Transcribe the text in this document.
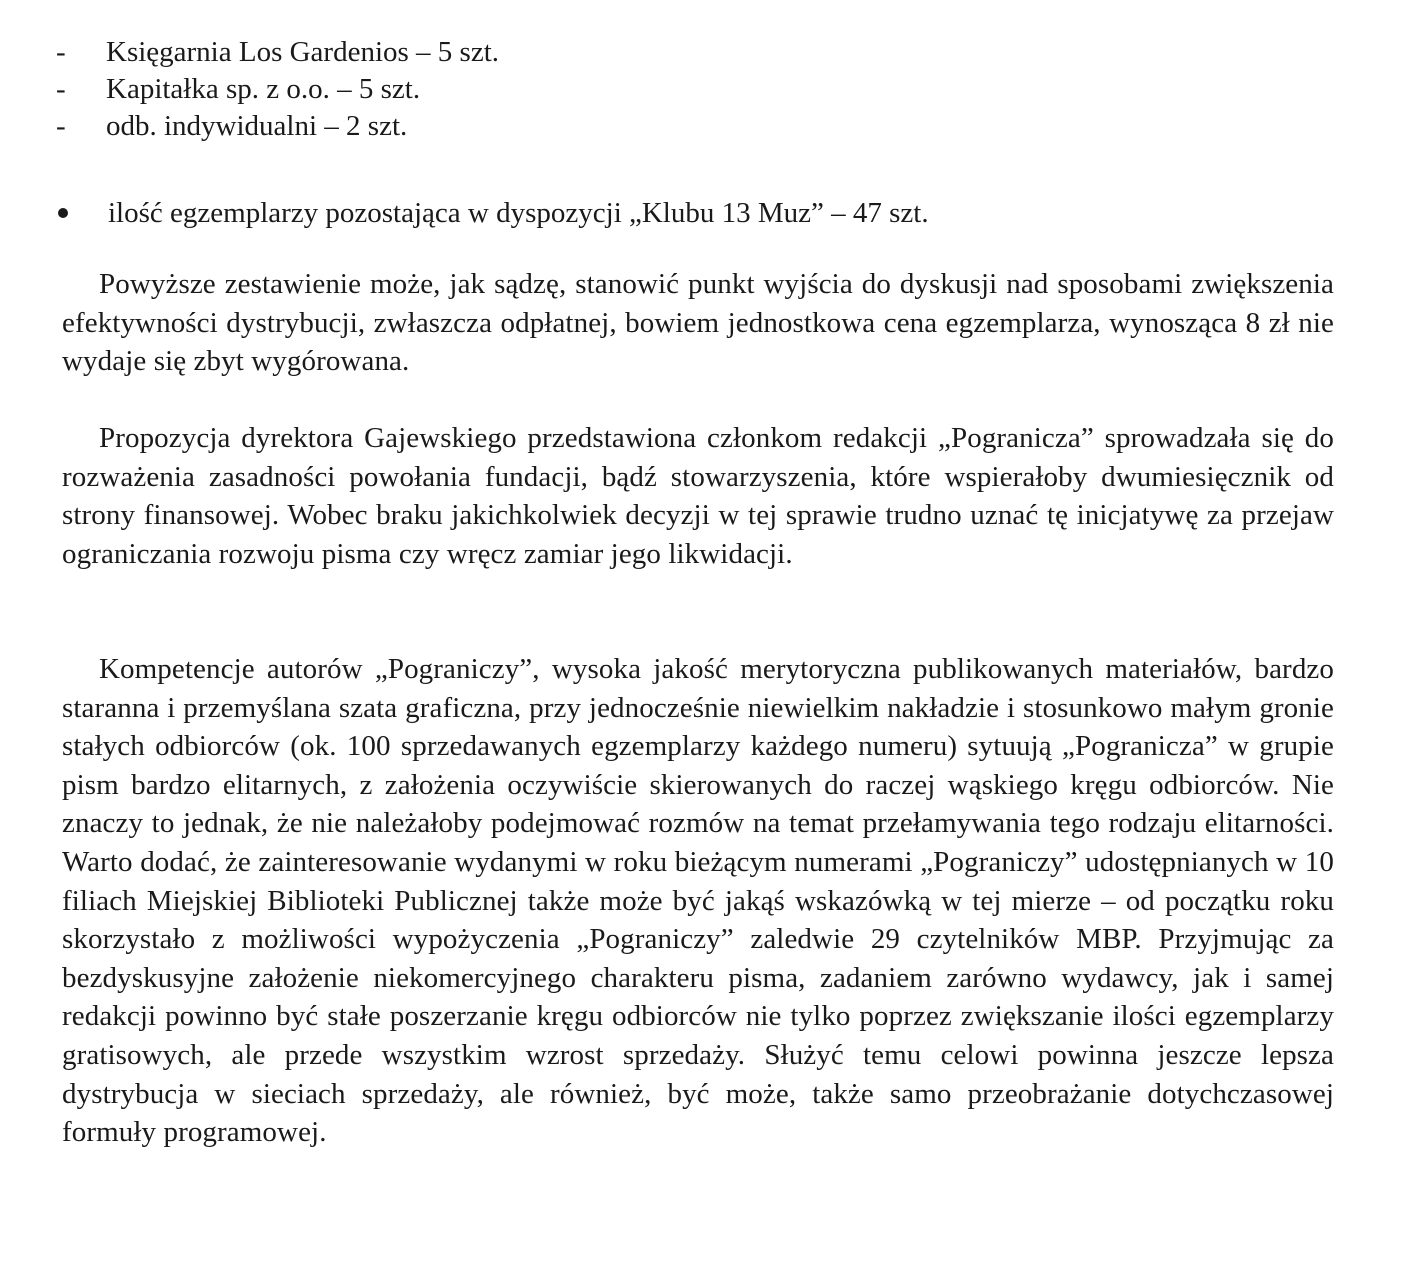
- Księgarnia Los Gardenios – 5 szt.
- Kapitałka sp. z o.o. – 5 szt.
- odb. indywidualni – 2 szt.
ilość egzemplarzy pozostająca w dyspozycji „Klubu 13 Muz” – 47 szt.

Powyższe zestawienie może, jak sądzę, stanowić punkt wyjścia do dyskusji nad sposobami zwiększenia efektywności dystrybucji, zwłaszcza odpłatnej, bowiem jednostkowa cena egzemplarza, wynosząca 8 zł nie wydaje się zbyt wygórowana.

Propozycja dyrektora Gajewskiego przedstawiona członkom redakcji „Pogranicza” sprowadzała się do rozważenia zasadności powołania fundacji, bądź stowarzyszenia, które wspierałoby dwumiesięcznik od strony finansowej. Wobec braku jakichkolwiek decyzji w tej sprawie trudno uznać tę inicjatywę za przejaw ograniczania rozwoju pisma czy wręcz zamiar jego likwidacji.

Kompetencje autorów „Pograniczy”, wysoka jakość merytoryczna publikowanych materiałów, bardzo staranna i przemyślana szata graficzna, przy jednocześnie niewielkim nakładzie i stosunkowo małym gronie stałych odbiorców (ok. 100 sprzedawanych egzemplarzy każdego numeru) sytuują „Pogranicza” w grupie pism bardzo elitarnych, z założenia oczywiście skierowanych do raczej wąskiego kręgu odbiorców. Nie znaczy to jednak, że nie należałoby podejmować rozmów na temat przełamywania tego rodzaju elitarności. Warto dodać, że zainteresowanie wydanymi w roku bieżącym numerami „Pograniczy” udostępnianych w 10 filiach Miejskiej Biblioteki Publicznej także może być jakąś wskazówką w tej mierze – od początku roku skorzystało z możliwości wypożyczenia „Pograniczy” zaledwie 29 czytelników MBP. Przyjmując za bezdyskusyjne założenie niekomercyjnego charakteru pisma, zadaniem zarówno wydawcy, jak i samej redakcji powinno być stałe poszerzanie kręgu odbiorców nie tylko poprzez zwiększanie ilości egzemplarzy gratisowych, ale przede wszystkim wzrost sprzedaży. Służyć temu celowi powinna jeszcze lepsza dystrybucja w sieciach sprzedaży, ale również, być może, także samo przeobrażanie dotychczasowej formuły programowej.
